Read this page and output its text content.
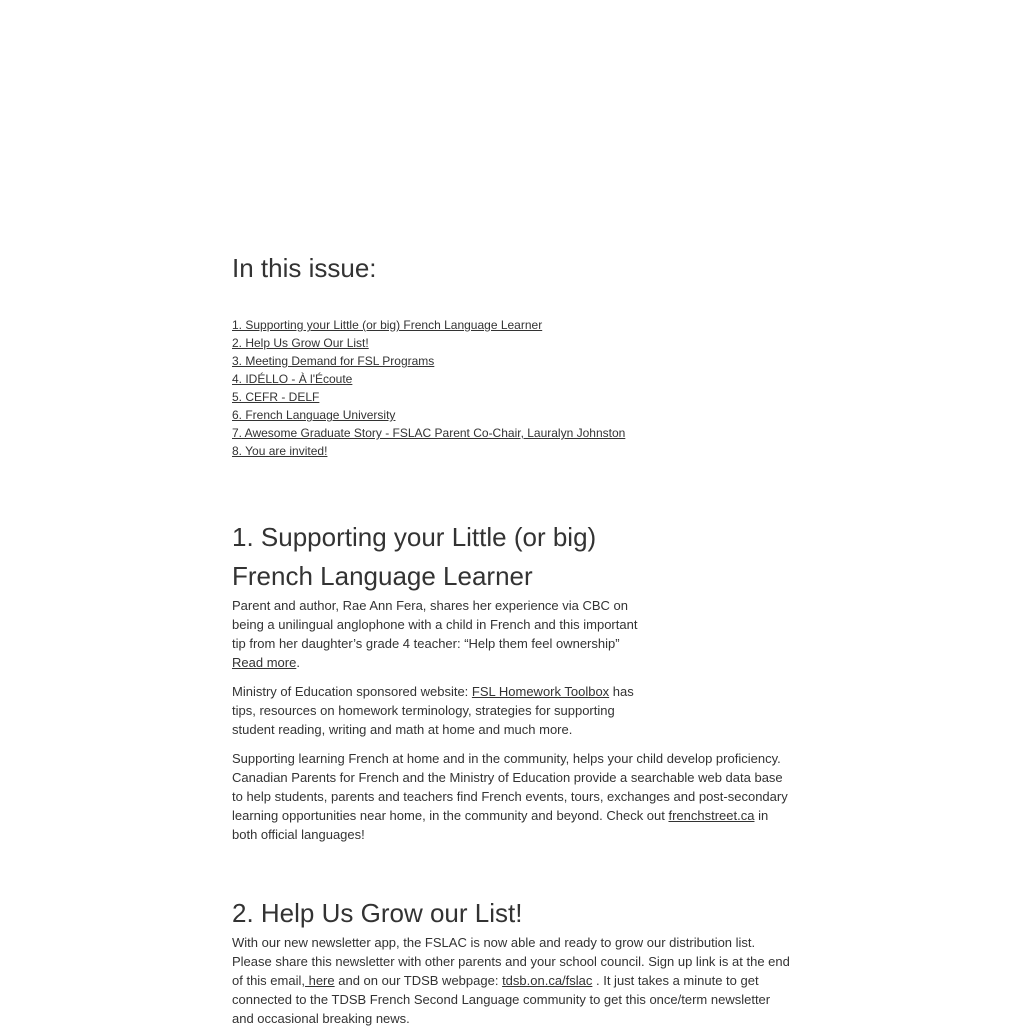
In this issue:
1. Supporting your Little (or big) French Language Learner
2. Help Us Grow Our List!
3. Meeting Demand for FSL Programs
4. IDÉLLO - À l'Écoute
5. CEFR - DELF
6. French Language University
7. Awesome Graduate Story - FSLAC Parent Co-Chair, Lauralyn Johnston
8. You are invited!
1. Supporting your Little (or big)
French Language Learner

Parent and author, Rae Ann Fera, shares her experience via CBC on being a unilingual anglophone with a child in French and this important tip from her daughter’s grade 4 teacher: “Help them feel ownership” Read more.

Ministry of Education sponsored website: FSL Homework Toolbox has tips, resources on homework terminology, strategies for supporting student reading, writing and math at home and much more.

Supporting learning French at home and in the community, helps your child develop proficiency. Canadian Parents for French and the Ministry of Education provide a searchable web data base to help students, parents and teachers find French events, tours, exchanges and post-secondary learning opportunities near home, in the community and beyond. Check out frenchstreet.ca in both official languages!

2. Help Us Grow our List!

With our new newsletter app, the FSLAC is now able and ready to grow our distribution list. Please share this newsletter with other parents and your school council. Sign up link is at the end of this email, here and on our TDSB webpage: tdsb.on.ca/fslac . It just takes a minute to get connected to the TDSB French Second Language community to get this once/term newsletter and occasional breaking news.
